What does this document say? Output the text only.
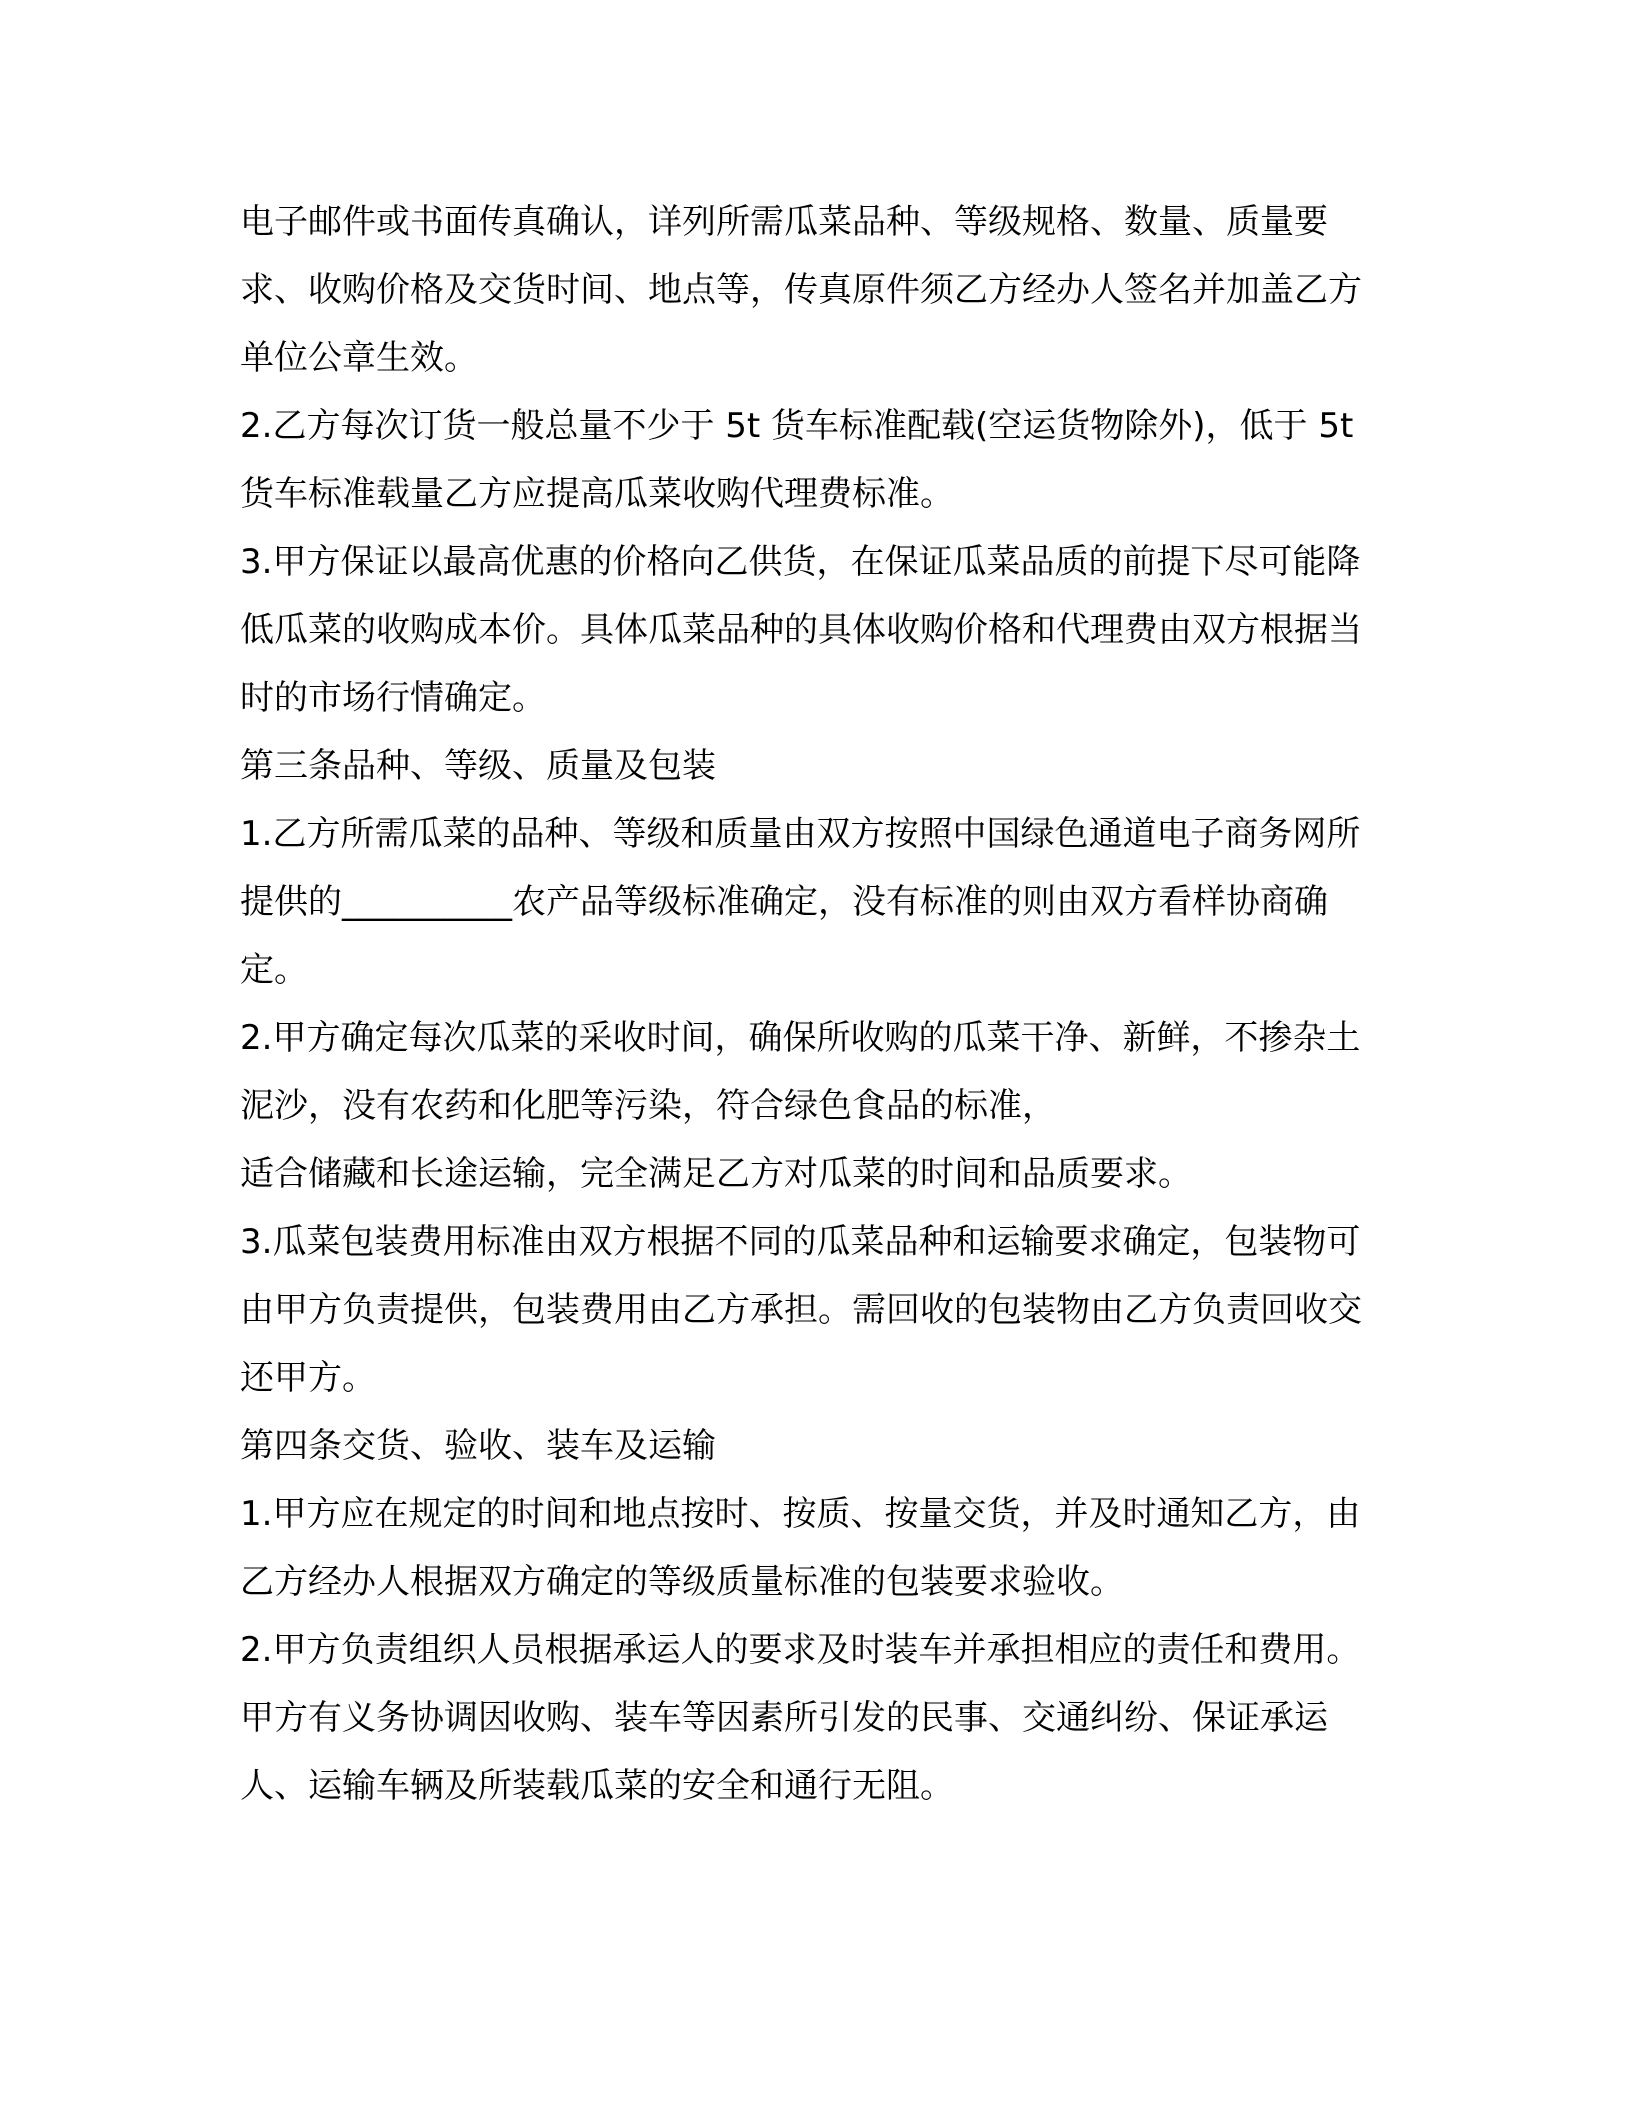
电子邮件或书面传真确认，详列所需瓜菜品种、等级规格、数量、质量要求、收购价格及交货时间、地点等，传真原件须乙方经办人签名并加盖乙方单位公章生效。

2.乙方每次订货一般总量不少于 5t 货车标准配载(空运货物除外)，低于 5t 货车标准载量乙方应提高瓜菜收购代理费标准。

3.甲方保证以最高优惠的价格向乙供货，在保证瓜菜品质的前提下尽可能降低瓜菜的收购成本价。具体瓜菜品种的具体收购价格和代理费由双方根据当时的市场行情确定。

第三条品种、等级、质量及包装

1.乙方所需瓜菜的品种、等级和质量由双方按照中国绿色通道电子商务网所提供的__________农产品等级标准确定，没有标准的则由双方看样协商确定。

2.甲方确定每次瓜菜的采收时间，确保所收购的瓜菜干净、新鲜，不掺杂土泥沙，没有农药和化肥等污染，符合绿色食品的标准，

适合储藏和长途运输，完全满足乙方对瓜菜的时间和品质要求。

3.瓜菜包装费用标准由双方根据不同的瓜菜品种和运输要求确定，包装物可由甲方负责提供，包装费用由乙方承担。需回收的包装物由乙方负责回收交还甲方。

第四条交货、验收、装车及运输

1.甲方应在规定的时间和地点按时、按质、按量交货，并及时通知乙方，由乙方经办人根据双方确定的等级质量标准的包装要求验收。

2.甲方负责组织人员根据承运人的要求及时装车并承担相应的责任和费用。甲方有义务协调因收购、装车等因素所引发的民事、交通纠纷、保证承运人、运输车辆及所装载瓜菜的安全和通行无阻。
